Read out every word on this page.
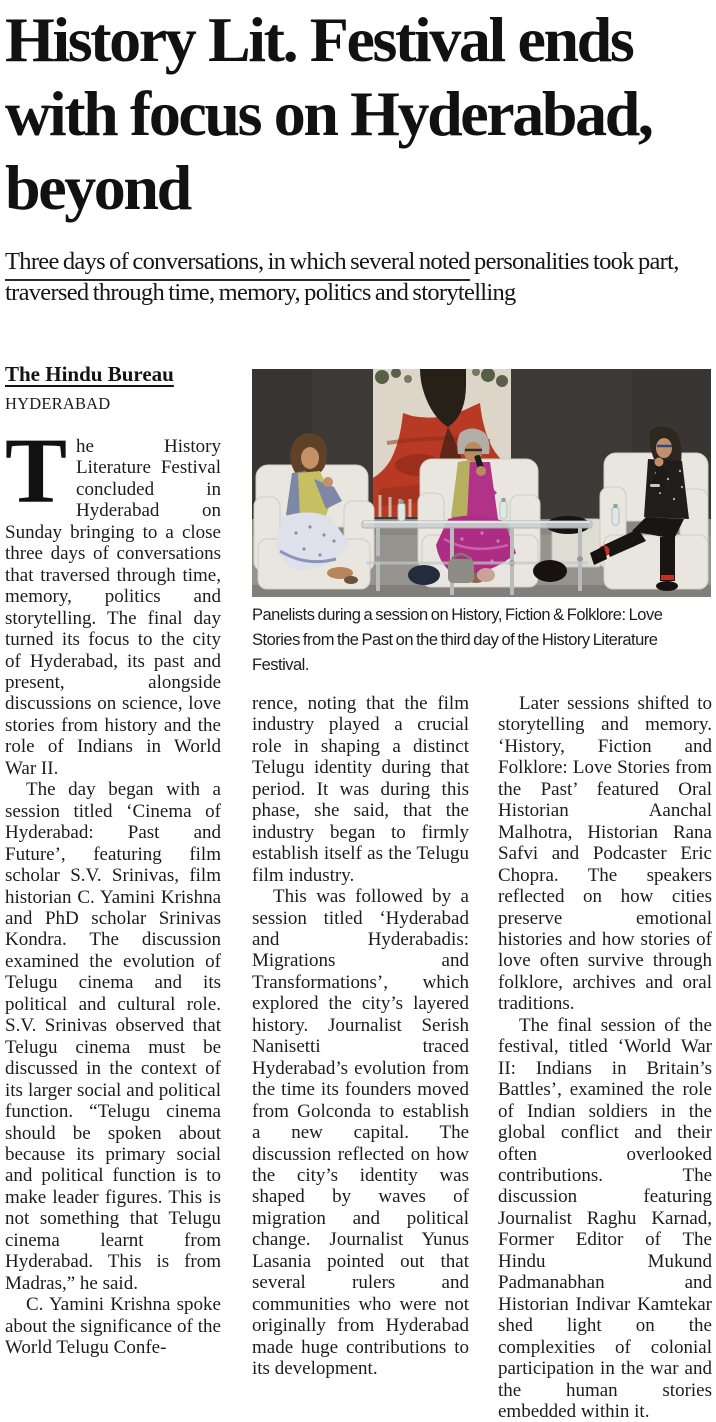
History Lit. Festival ends with focus on Hyderabad, beyond

Three days of conversations, in which several noted personalities took part, traversed through time, memory, politics and storytelling

The Hindu Bureau
HYDERABAD

The History Literature Festival concluded in Hyderabad on Sunday bringing to a close three days of conversations that traversed through time, memory, politics and storytelling. The final day turned its focus to the city of Hyderabad, its past and present, alongside discussions on science, love stories from history and the role of Indians in World War II.

The day began with a session titled ‘Cinema of Hyderabad: Past and Future’, featuring film scholar S.V. Srinivas, film historian C. Yamini Krishna and PhD scholar Srinivas Kondra. The discussion examined the evolution of Telugu cinema and its political and cultural role. S.V. Srinivas observed that Telugu cinema must be discussed in the context of its larger social and political function. “Telugu cinema should be spoken about because its primary social and political function is to make leader figures. This is not something that Telugu cinema learnt from Hyderabad. This is from Madras,” he said.

C. Yamini Krishna spoke about the significance of the World Telugu Confe-

Panelists during a session on History, Fiction & Folklore: Love Stories from the Past on the third day of the History Literature Festival.

rence, noting that the film industry played a crucial role in shaping a distinct Telugu identity during that period. It was during this phase, she said, that the industry began to firmly establish itself as the Telugu film industry.

This was followed by a session titled ‘Hyderabad and Hyderabadis: Migrations and Transformations’, which explored the city’s layered history. Journalist Serish Nanisetti traced Hyderabad’s evolution from the time its founders moved from Golconda to establish a new capital. The discussion reflected on how the city’s identity was shaped by waves of migration and political change. Journalist Yunus Lasania pointed out that several rulers and communities who were not originally from Hyderabad made huge contributions to its development.

Later sessions shifted to storytelling and memory. ‘History, Fiction and Folklore: Love Stories from the Past’ featured Oral Historian Aanchal Malhotra, Historian Rana Safvi and Podcaster Eric Chopra. The speakers reflected on how cities preserve emotional histories and how stories of love often survive through folklore, archives and oral traditions.

The final session of the festival, titled ‘World War II: Indians in Britain’s Battles’, examined the role of Indian soldiers in the global conflict and their often overlooked contributions. The discussion featuring Journalist Raghu Karnad, Former Editor of The Hindu Mukund Padmanabhan and Historian Indivar Kamtekar shed light on the complexities of colonial participation in the war and the human stories embedded within it.
